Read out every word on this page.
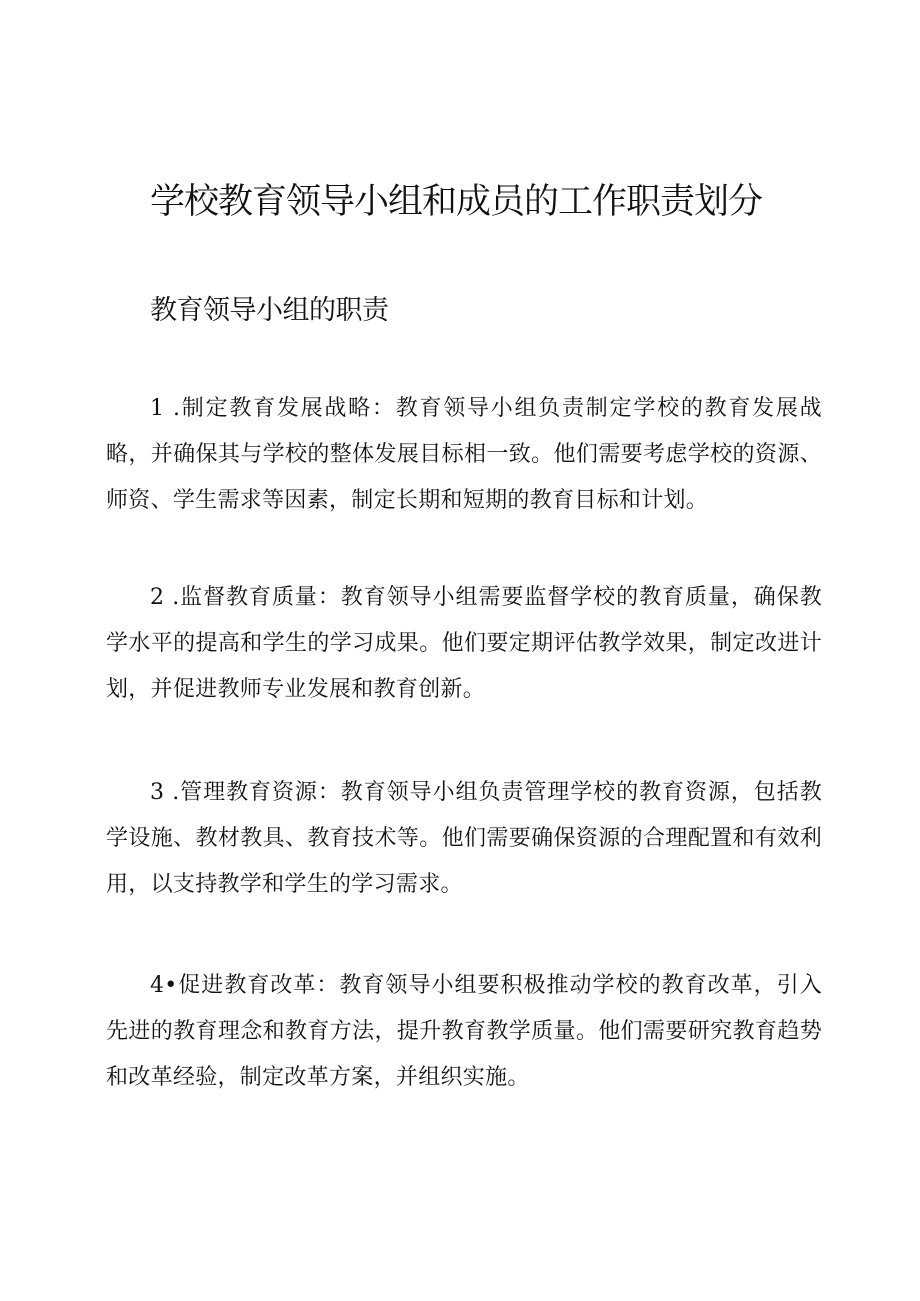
学校教育领导小组和成员的工作职责划分
教育领导小组的职责

1 .制定教育发展战略：教育领导小组负责制定学校的教育发展战略，并确保其与学校的整体发展目标相一致。他们需要考虑学校的资源、师资、学生需求等因素，制定长期和短期的教育目标和计划。

2 .监督教育质量：教育领导小组需要监督学校的教育质量，确保教学水平的提高和学生的学习成果。他们要定期评估教学效果，制定改进计划，并促进教师专业发展和教育创新。

3 .管理教育资源：教育领导小组负责管理学校的教育资源，包括教学设施、教材教具、教育技术等。他们需要确保资源的合理配置和有效利用，以支持教学和学生的学习需求。

4•促进教育改革：教育领导小组要积极推动学校的教育改革，引入先进的教育理念和教育方法，提升教育教学质量。他们需要研究教育趋势和改革经验，制定改革方案，并组织实施。
